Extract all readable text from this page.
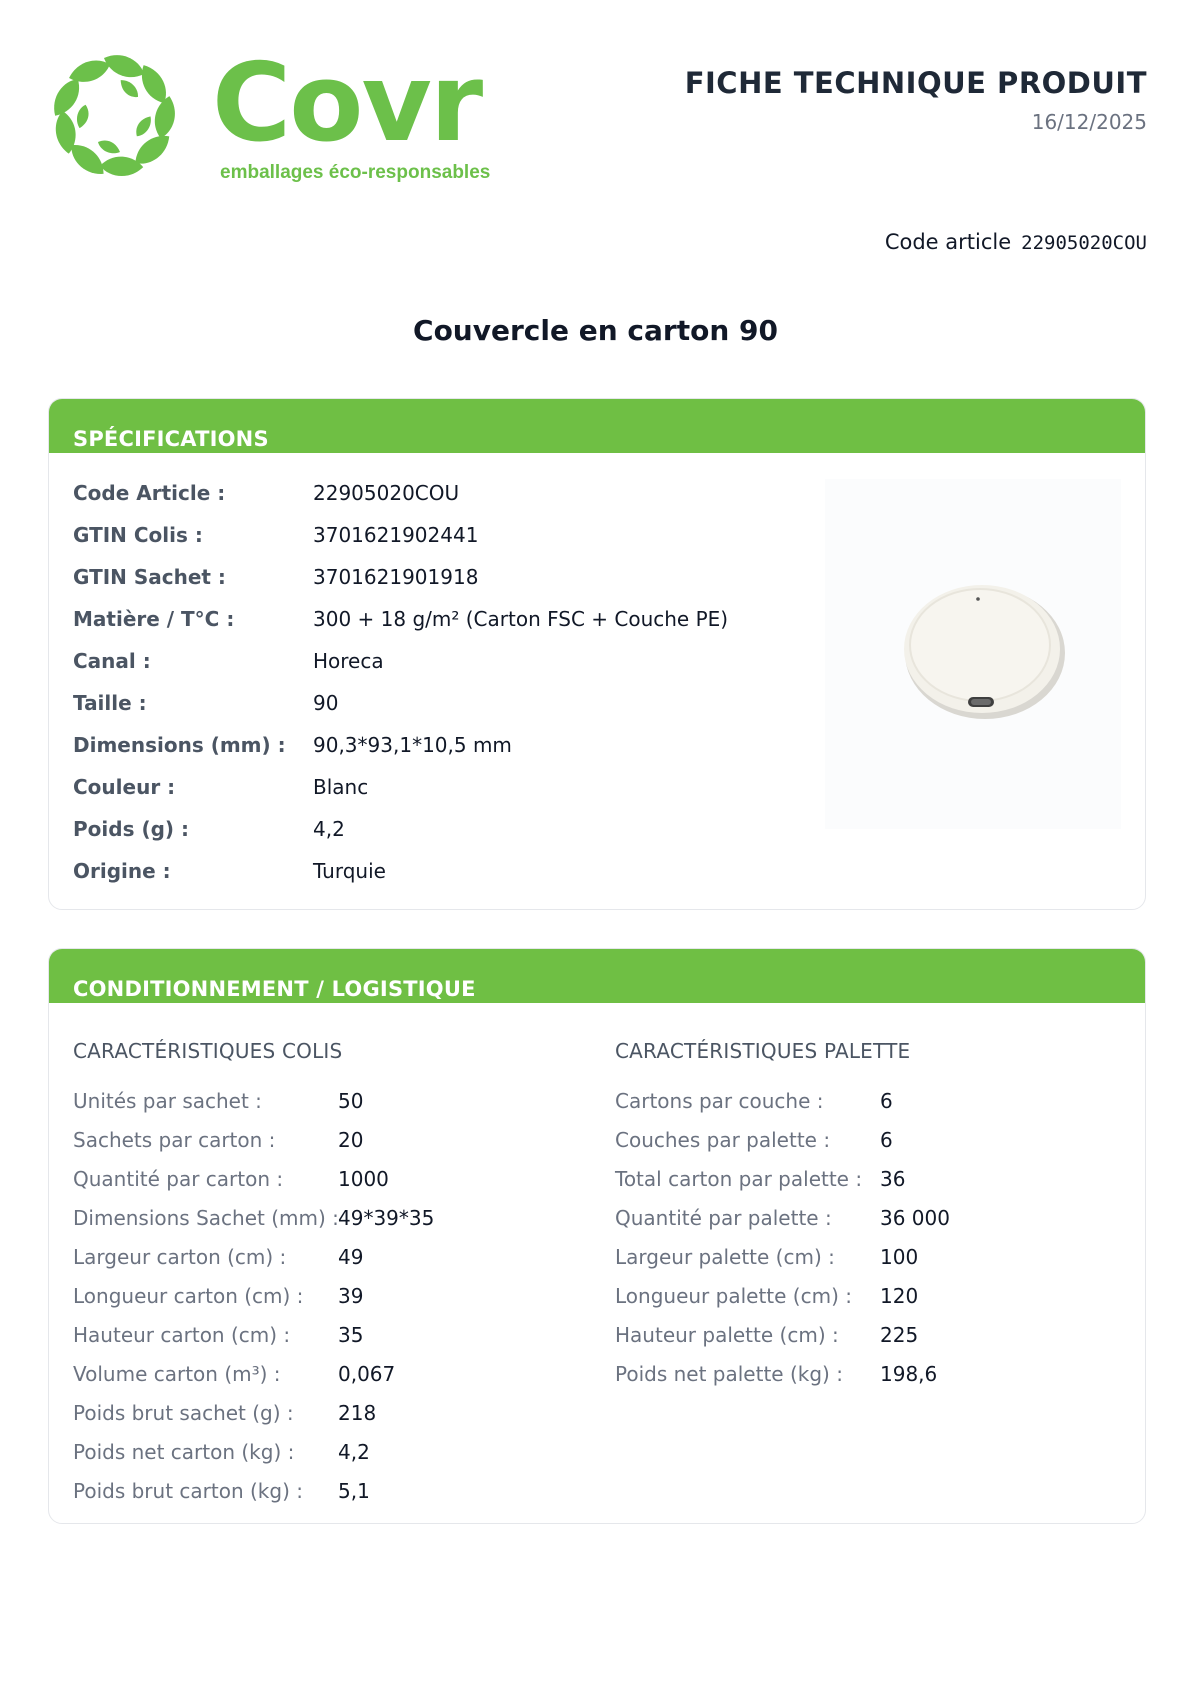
Covr
emballages éco-responsables
FICHE TECHNIQUE PRODUIT
16/12/2025
Code article 22905020COU
Couvercle en carton 90
SPÉCIFICATIONS
Code Article :	22905020COU
GTIN Colis :	3701621902441
GTIN Sachet :	3701621901918
Matière / T°C :	300 + 18 g/m² (Carton FSC + Couche PE)
Canal :	Horeca
Taille :	90
Dimensions (mm) : 90,3*93,1*10,5 mm
Couleur :	Blanc
Poids (g) :	4,2
Origine :	Turquie
CONDITIONNEMENT / LOGISTIQUE
CARACTÉRISTIQUES COLIS	CARACTÉRISTIQUES PALETTE
Unités par sachet :	50
Sachets par carton :	20
Quantité par carton :	1000
Dimensions Sachet (mm) : 49*39*35
Largeur carton (cm) :	49
Longueur carton (cm) : 39
Hauteur carton (cm) : 35
Volume carton (m³) :	0,067
Poids brut sachet (g) : 218
Poids net carton (kg) : 4,2
Poids brut carton (kg) : 5,1
Cartons par couche :	6
Couches par palette : 6
Total carton par palette : 36
Quantité par palette : 36 000
Largeur palette (cm) : 100
Longueur palette (cm) : 120
Hauteur palette (cm) : 225
Poids net palette (kg) : 198,6
